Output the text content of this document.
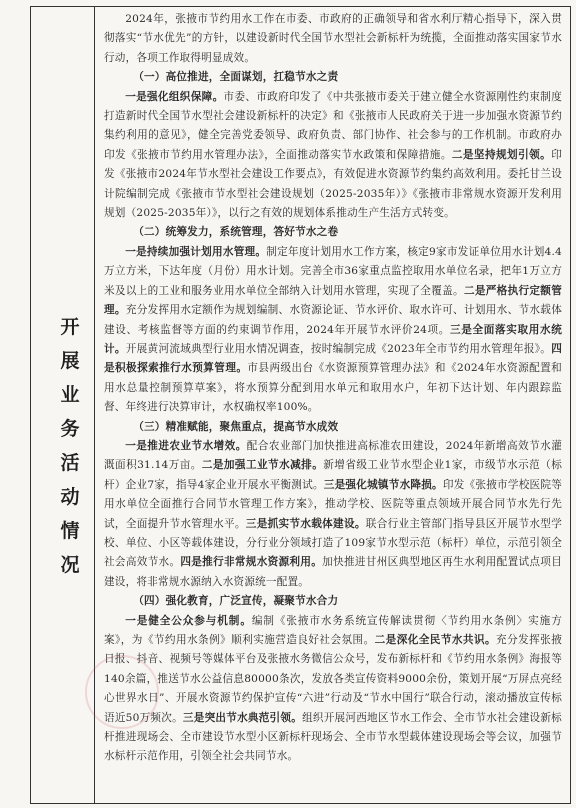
开
展
业
务
活
动
情
况

2024年，张掖市节约用水工作在市委、市政府的正确领导和省水利厅精心指导下，深入贯彻落实“节水优先”的方针，以建设新时代全国节水型社会新标杆为统揽，全面推动落实国家节水行动，各项工作取得明显成效。

（一）高位推进，全面谋划，扛稳节水之责

一是强化组织保障。市委、市政府印发了《中共张掖市委关于建立健全水资源刚性约束制度打造新时代全国节水型社会建设新标杆的决定》和《张掖市人民政府关于进一步加强水资源节约集约利用的意见》，健全完善党委领导、政府负责、部门协作、社会参与的工作机制。市政府办印发《张掖市节约用水管理办法》，全面推动落实节水政策和保障措施。二是坚持规划引领。印发《张掖市2024年节水型社会建设工作要点》，有效促进水资源节约集约高效利用。委托甘兰设计院编制完成《张掖市节水型社会建设规划（2025-2035年）》《张掖市非常规水资源开发利用规划（2025-2035年）》，以行之有效的规划体系推动生产生活方式转变。

（二）统筹发力，系统管理，答好节水之卷

一是持续加强计划用水管理。制定年度计划用水工作方案，核定9家市发证单位用水计划4.4万立方米，下达年度（月份）用水计划。完善全市36家重点监控取用水单位名录，把年1万立方米及以上的工业和服务业用水单位全部纳入计划用水管理，实现了全覆盖。二是严格执行定额管理。充分发挥用水定额作为规划编制、水资源论证、节水评价、取水许可、计划用水、节水载体建设、考核监督等方面的约束调节作用，2024年开展节水评价24项。三是全面落实取用水统计。开展黄河流域典型行业用水情况调查，按时编制完成《2023年全市节约用水管理年报》。四是积极探索推行水预算管理。市县两级出台《水资源预算管理办法》和《2024年水资源配置和用水总量控制预算草案》，将水预算分配到用水单元和取用水户，年初下达计划、年内跟踪监督、年终进行决算审计，水权确权率100%。

（三）精准赋能，聚焦重点，提高节水成效

一是推进农业节水增效。配合农业部门加快推进高标准农田建设，2024年新增高效节水灌溉面积31.14万亩。二是加强工业节水减排。新增省级工业节水型企业1家，市级节水示范（标杆）企业7家，指导4家企业开展水平衡测试。三是强化城镇节水降损。印发《张掖市学校医院等用水单位全面推行合同节水管理工作方案》，推动学校、医院等重点领域开展合同节水先行先试，全面提升节水管理水平。三是抓实节水载体建设。联合行业主管部门指导县区开展节水型学校、单位、小区等载体建设，分行业分领域打造了109家节水型示范（标杆）单位，示范引领全社会高效节水。四是推行非常规水资源利用。加快推进甘州区典型地区再生水利用配置试点项目建设，将非常规水源纳入水资源统一配置。

（四）强化教育，广泛宣传，凝聚节水合力

一是健全公众参与机制。编制《张掖市水务系统宣传解读贯彻〈节约用水条例〉实施方案》，为《节约用水条例》顺利实施营造良好社会氛围。二是深化全民节水共识。充分发挥张掖日报、抖音、视频号等媒体平台及张掖水务微信公众号，发布新标杆和《节约用水条例》海报等140余篇，推送节水公益信息80000条次，发放各类宣传资料9000余份，策划开展“万屏点亮经心世界水日”、开展水资源节约保护宣传“六进”行动及“节水中国行”联合行动，滚动播放宣传标语近50万频次。三是突出节水典范引领。组织开展河西地区节水工作会、全市节水社会建设新标杆推进现场会、全市建设节水型小区新标杆现场会、全市节水型载体建设现场会等会议，加强节水标杆示范作用，引领全社会共同节水。
